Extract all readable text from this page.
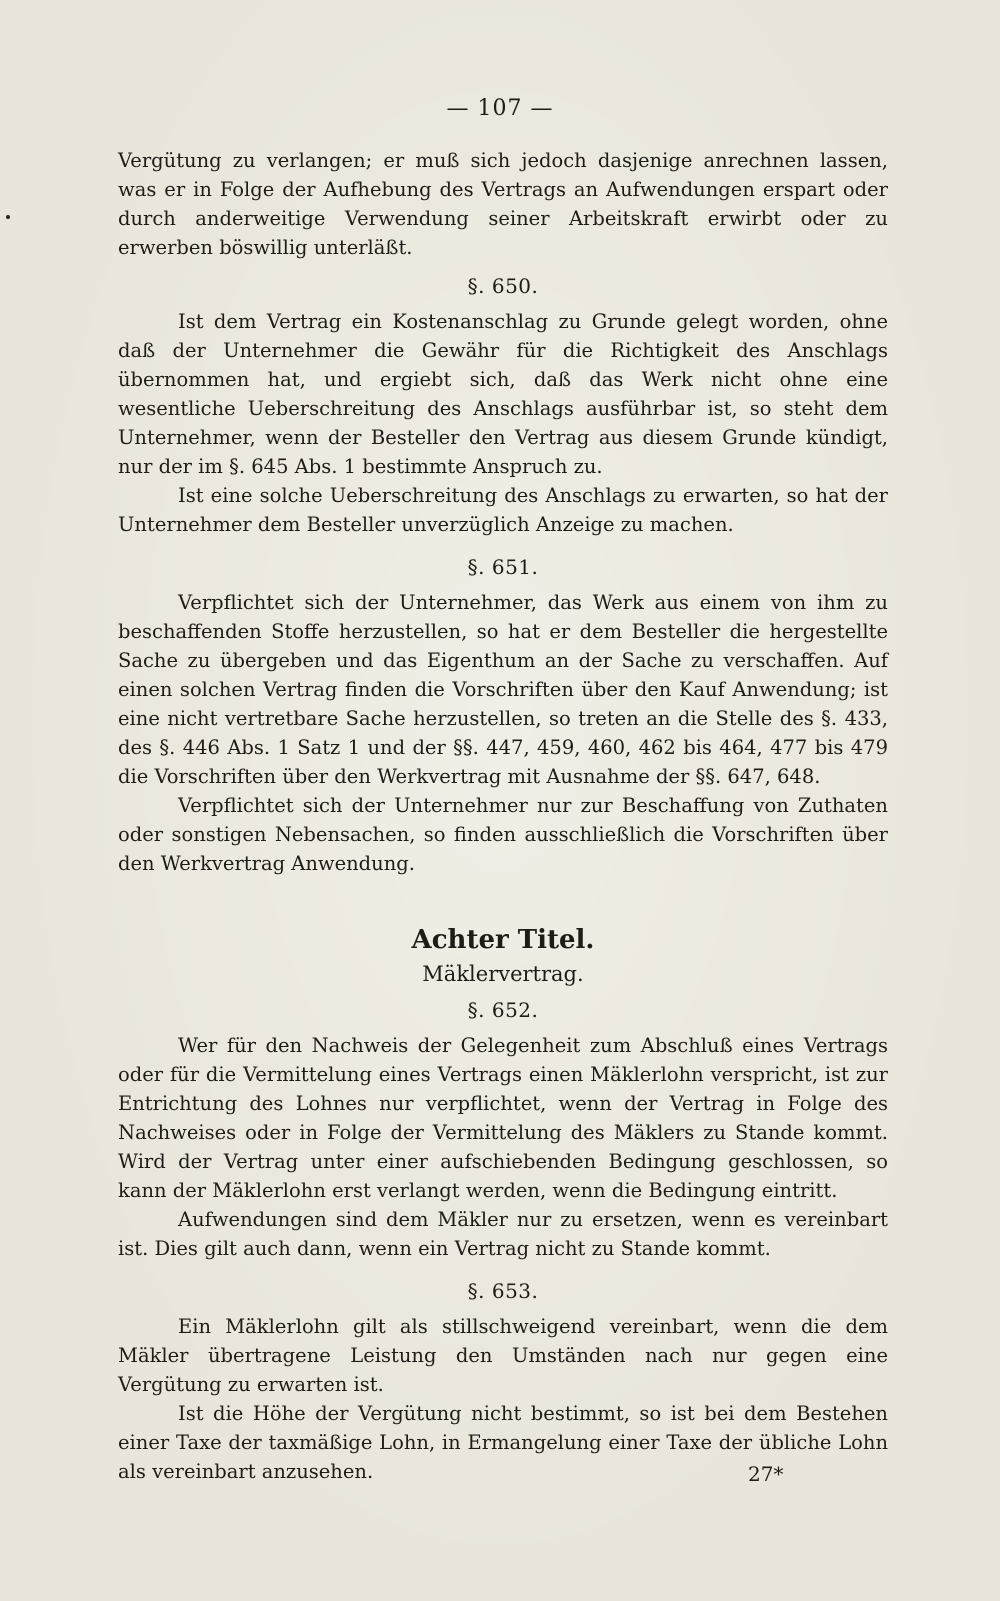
— 107 —

Vergütung zu verlangen; er muß sich jedoch dasjenige anrechnen lassen, was er in Folge der Aufhebung des Vertrags an Aufwendungen erspart oder durch anderweitige Verwendung seiner Arbeitskraft erwirbt oder zu erwerben böswillig unterläßt.

§. 650.

Ist dem Vertrag ein Kostenanschlag zu Grunde gelegt worden, ohne daß der Unternehmer die Gewähr für die Richtigkeit des Anschlags übernommen hat, und ergiebt sich, daß das Werk nicht ohne eine wesentliche Ueberschreitung des Anschlags ausführbar ist, so steht dem Unternehmer, wenn der Besteller den Vertrag aus diesem Grunde kündigt, nur der im §. 645 Abs. 1 bestimmte Anspruch zu.

Ist eine solche Ueberschreitung des Anschlags zu erwarten, so hat der Unternehmer dem Besteller unverzüglich Anzeige zu machen.

§. 651.

Verpflichtet sich der Unternehmer, das Werk aus einem von ihm zu beschaffenden Stoffe herzustellen, so hat er dem Besteller die hergestellte Sache zu übergeben und das Eigenthum an der Sache zu verschaffen. Auf einen solchen Vertrag finden die Vorschriften über den Kauf Anwendung; ist eine nicht vertretbare Sache herzustellen, so treten an die Stelle des §. 433, des §. 446 Abs. 1 Satz 1 und der §§. 447, 459, 460, 462 bis 464, 477 bis 479 die Vorschriften über den Werkvertrag mit Ausnahme der §§. 647, 648.

Verpflichtet sich der Unternehmer nur zur Beschaffung von Zuthaten oder sonstigen Nebensachen, so finden ausschließlich die Vorschriften über den Werkvertrag Anwendung.

Achter Titel.
Mäklervertrag.
§. 652.

Wer für den Nachweis der Gelegenheit zum Abschluß eines Vertrags oder für die Vermittelung eines Vertrags einen Mäklerlohn verspricht, ist zur Entrichtung des Lohnes nur verpflichtet, wenn der Vertrag in Folge des Nachweises oder in Folge der Vermittelung des Mäklers zu Stande kommt. Wird der Vertrag unter einer aufschiebenden Bedingung geschlossen, so kann der Mäklerlohn erst verlangt werden, wenn die Bedingung eintritt.

Aufwendungen sind dem Mäkler nur zu ersetzen, wenn es vereinbart ist. Dies gilt auch dann, wenn ein Vertrag nicht zu Stande kommt.

§. 653.

Ein Mäklerlohn gilt als stillschweigend vereinbart, wenn die dem Mäkler übertragene Leistung den Umständen nach nur gegen eine Vergütung zu erwarten ist.

Ist die Höhe der Vergütung nicht bestimmt, so ist bei dem Bestehen einer Taxe der taxmäßige Lohn, in Ermangelung einer Taxe der übliche Lohn als vereinbart anzusehen.	27*
